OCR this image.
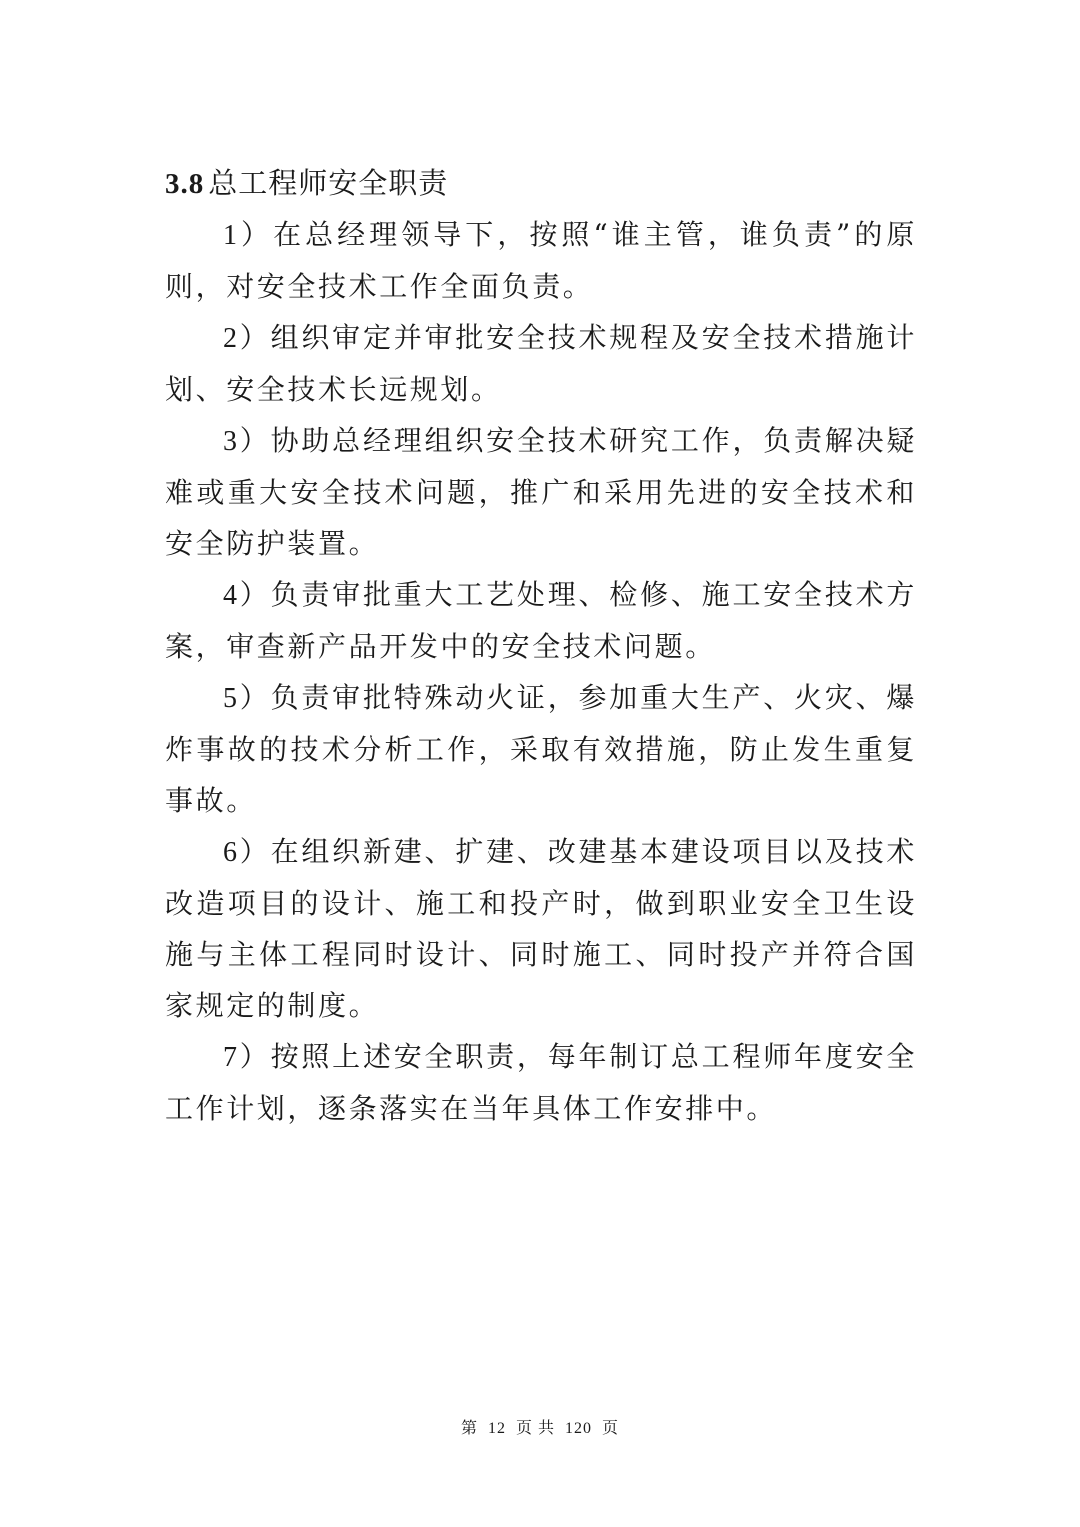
3.8 总工程师安全职责

1）在总经理领导下，按照“谁主管，谁负责”的原则，对安全技术工作全面负责。

2）组织审定并审批安全技术规程及安全技术措施计划、安全技术长远规划。

3）协助总经理组织安全技术研究工作，负责解决疑难或重大安全技术问题，推广和采用先进的安全技术和安全防护装置。

4）负责审批重大工艺处理、检修、施工安全技术方案，审查新产品开发中的安全技术问题。

5）负责审批特殊动火证，参加重大生产、火灾、爆炸事故的技术分析工作，采取有效措施，防止发生重复事故。

6）在组织新建、扩建、改建基本建设项目以及技术改造项目的设计、施工和投产时，做到职业安全卫生设施与主体工程同时设计、同时施工、同时投产并符合国家规定的制度。

7）按照上述安全职责，每年制订总工程师年度安全工作计划，逐条落实在当年具体工作安排中。

第 12 页 共 120 页
